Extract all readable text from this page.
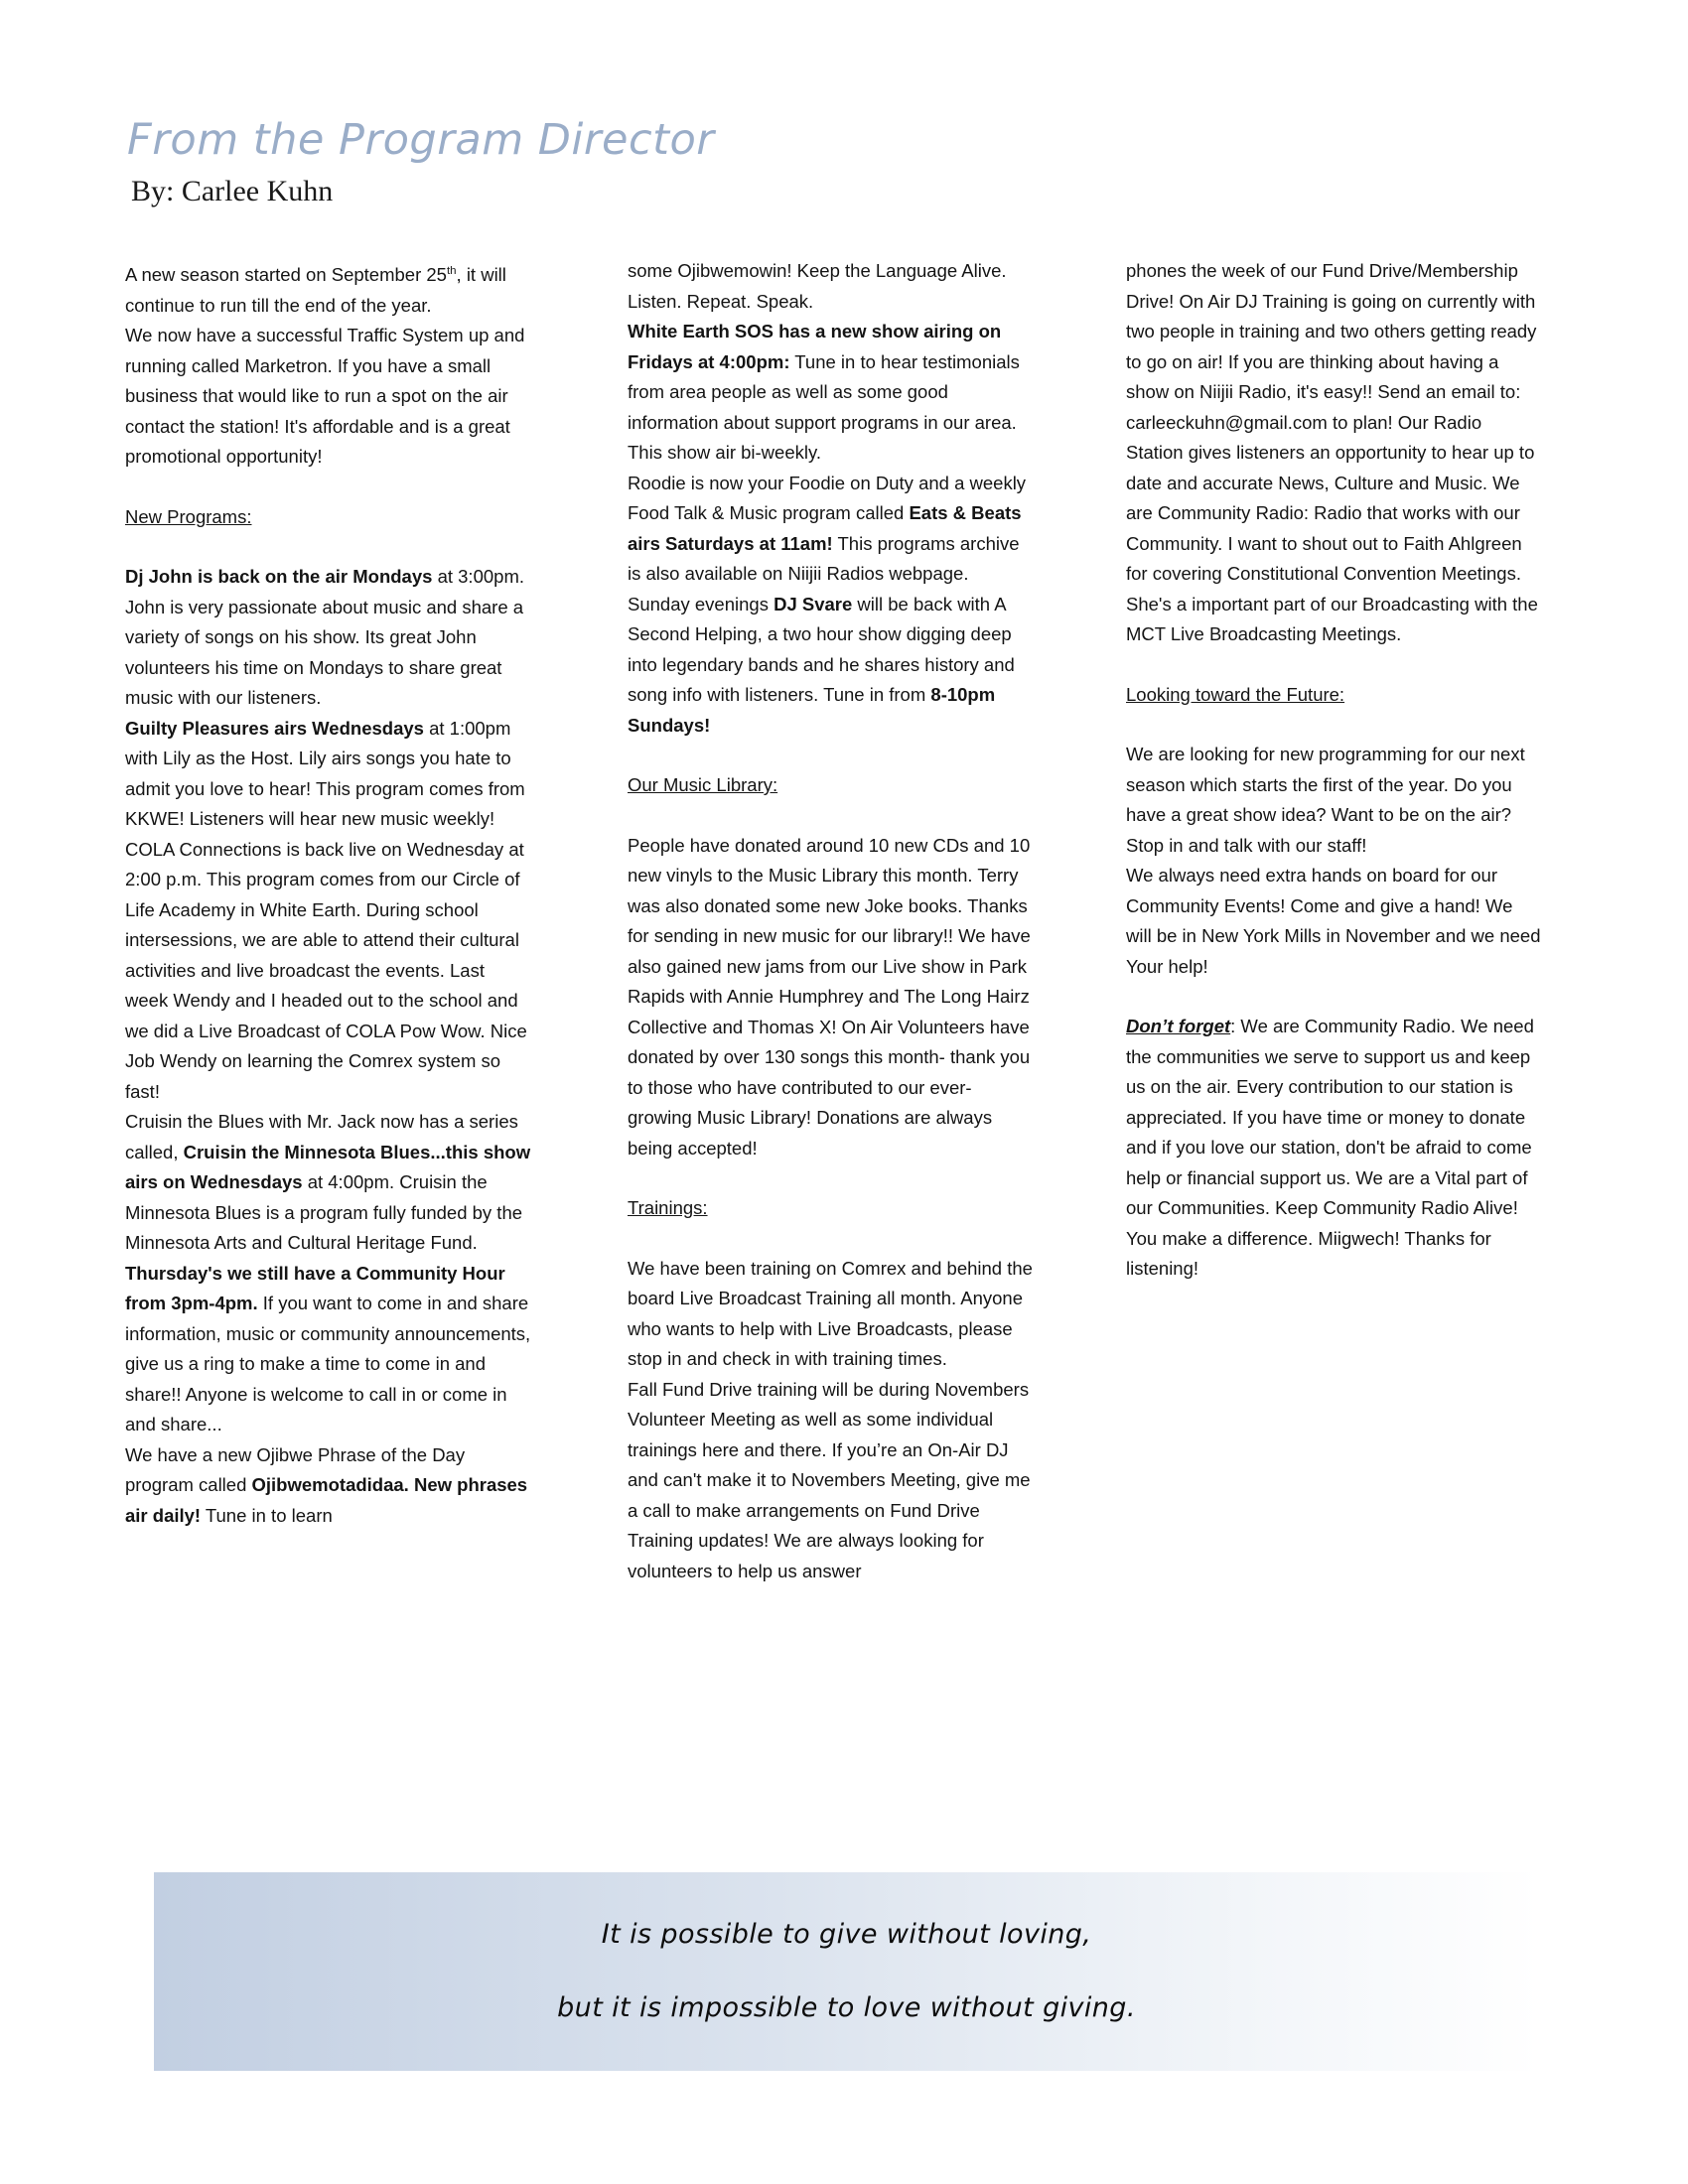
From the Program Director
By: Carlee Kuhn

A new season started on September 25th, it will continue to run till the end of the year.

We now have a successful Traffic System up and running called Marketron. If you have a small business that would like to run a spot on the air contact the station! It's affordable and is a great promotional opportunity!

New Programs:

Dj John is back on the air Mondays at 3:00pm. John is very passionate about music and share a variety of songs on his show. Its great John volunteers his time on Mondays to share great music with our listeners.

Guilty Pleasures airs Wednesdays at 1:00pm with Lily as the Host. Lily airs songs you hate to admit you love to hear! This program comes from KKWE! Listeners will hear new music weekly!

COLA Connections is back live on Wednesday at 2:00 p.m. This program comes from our Circle of Life Academy in White Earth. During school intersessions, we are able to attend their cultural activities and live broadcast the events. Last week Wendy and I headed out to the school and we did a Live Broadcast of COLA Pow Wow. Nice Job Wendy on learning the Comrex system so fast!

Cruisin the Blues with Mr. Jack now has a series called, Cruisin the Minnesota Blues...this show airs on Wednesdays at 4:00pm. Cruisin the Minnesota Blues is a program fully funded by the Minnesota Arts and Cultural Heritage Fund.

Thursday's we still have a Community Hour from 3pm-4pm. If you want to come in and share information, music or community announcements, give us a ring to make a time to come in and share!! Anyone is welcome to call in or come in and share...

We have a new Ojibwe Phrase of the Day program called Ojibwemotadidaa. New phrases air daily! Tune in to learn

some Ojibwemowin! Keep the Language Alive. Listen. Repeat. Speak.

White Earth SOS has a new show airing on Fridays at 4:00pm: Tune in to hear testimonials from area people as well as some good information about support programs in our area. This show air bi-weekly.

Roodie is now your Foodie on Duty and a weekly Food Talk & Music program called Eats & Beats airs Saturdays at 11am! This programs archive is also available on Niijii Radios webpage.

Sunday evenings DJ Svare will be back with A Second Helping, a two hour show digging deep into legendary bands and he shares history and song info with listeners. Tune in from 8-10pm Sundays!

Our Music Library:

People have donated around 10 new CDs and 10 new vinyls to the Music Library this month. Terry was also donated some new Joke books. Thanks for sending in new music for our library!! We have also gained new jams from our Live show in Park Rapids with Annie Humphrey and The Long Hairz Collective and Thomas X! On Air Volunteers have donated by over 130 songs this month- thank you to those who have contributed to our ever-growing Music Library! Donations are always being accepted!

Trainings:

We have been training on Comrex and behind the board Live Broadcast Training all month. Anyone who wants to help with Live Broadcasts, please stop in and check in with training times.

Fall Fund Drive training will be during Novembers Volunteer Meeting as well as some individual trainings here and there. If you’re an On-Air DJ and can't make it to Novembers Meeting, give me a call to make arrangements on Fund Drive Training updates! We are always looking for volunteers to help us answer

phones the week of our Fund Drive/Membership Drive! On Air DJ Training is going on currently with two people in training and two others getting ready to go on air! If you are thinking about having a show on Niijii Radio, it's easy!! Send an email to: carleeckuhn@gmail.com to plan! Our Radio Station gives listeners an opportunity to hear up to date and accurate News, Culture and Music. We are Community Radio: Radio that works with our Community. I want to shout out to Faith Ahlgreen for covering Constitutional Convention Meetings. She's a important part of our Broadcasting with the MCT Live Broadcasting Meetings.

Looking toward the Future:

We are looking for new programming for our next season which starts the first of the year. Do you have a great show idea? Want to be on the air? Stop in and talk with our staff!

We always need extra hands on board for our Community Events! Come and give a hand! We will be in New York Mills in November and we need Your help!

Don’t forget: We are Community Radio. We need the communities we serve to support us and keep us on the air. Every contribution to our station is appreciated. If you have time or money to donate and if you love our station, don't be afraid to come help or financial support us. We are a Vital part of our Communities. Keep Community Radio Alive! You make a difference. Miigwech! Thanks for listening!

It is possible to give without loving,
but it is impossible to love without giving.
